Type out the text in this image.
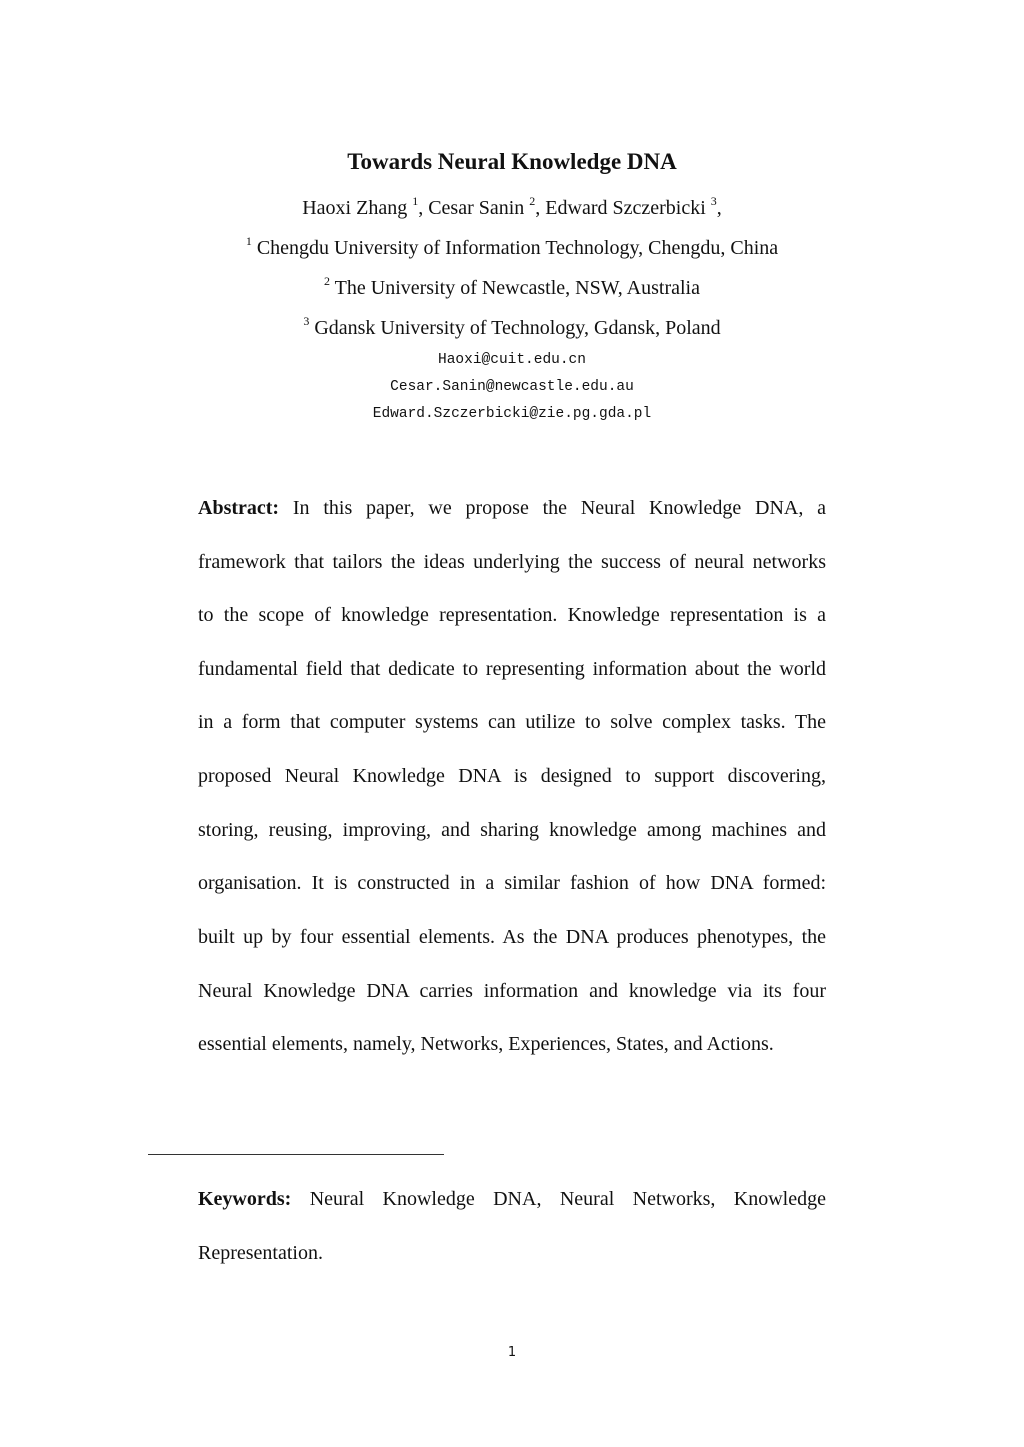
Towards Neural Knowledge DNA
Haoxi Zhang $^1$, Cesar Sanin $^2$, Edward Szczerbicki $^3$,
$^1$ Chengdu University of Information Technology, Chengdu, China
$^2$ The University of Newcastle, NSW, Australia
$^3$ Gdansk University of Technology, Gdansk, Poland
Haoxi@cuit.edu.cn
Cesar.Sanin@newcastle.edu.au
Edward.Szczerbicki@zie.pg.gda.pl
Abstract: In this paper, we propose the Neural Knowledge DNA, a
framework that tailors the ideas underlying the success of neural networks
to the scope of knowledge representation. Knowledge representation is a
fundamental field that dedicate to representing information about the world
in a form that computer systems can utilize to solve complex tasks. The
proposed Neural Knowledge DNA is designed to support discovering,
storing, reusing, improving, and sharing knowledge among machines and
organisation. It is constructed in a similar fashion of how DNA formed:
built up by four essential elements. As the DNA produces phenotypes, the
Neural Knowledge DNA carries information and knowledge via its four
essential elements, namely, Networks, Experiences, States, and Actions.
Keywords: Neural Knowledge DNA, Neural Networks, Knowledge
Representation.
1
